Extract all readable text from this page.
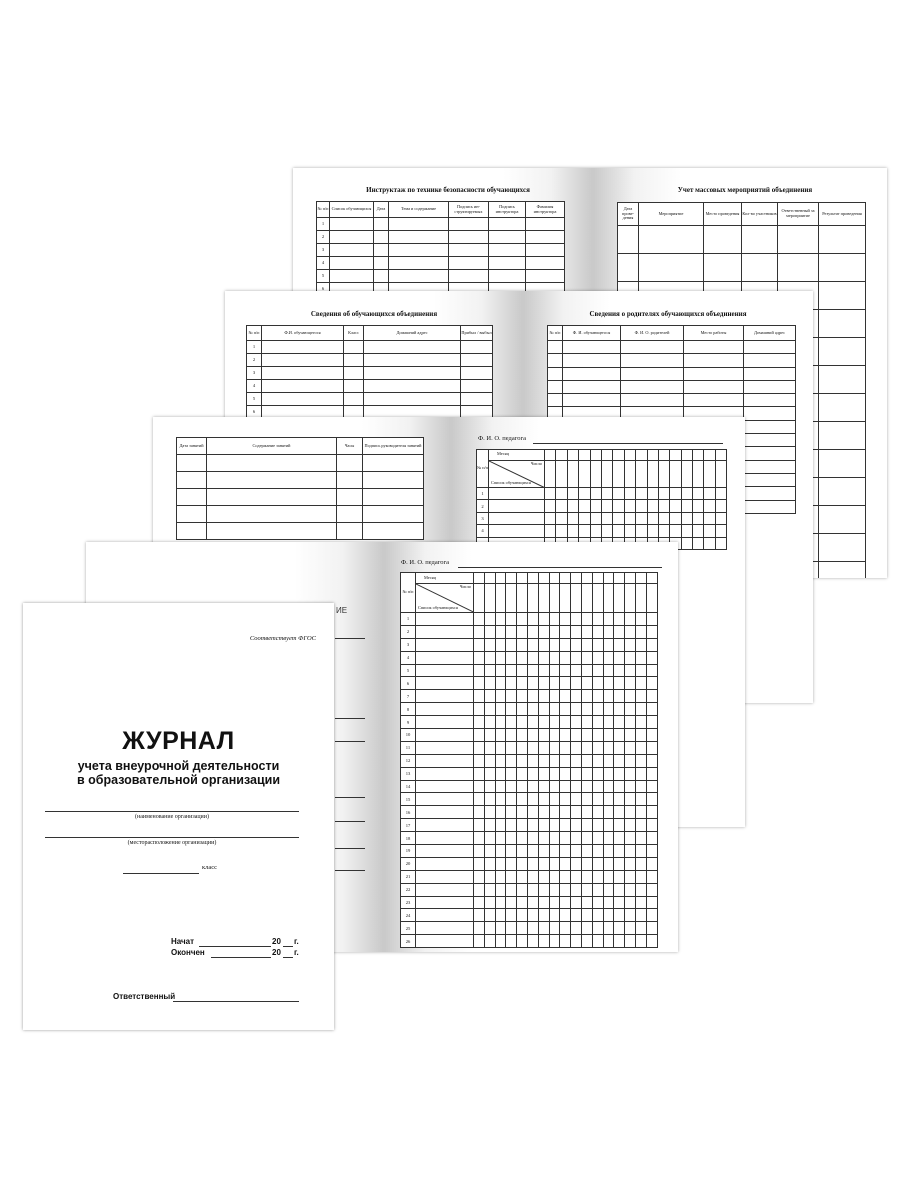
Инструктаж по технике безопасности обучающихся
№ п/п	Список обучающихся	Дата	Тема и содержание	Подпись ин-структируемых	Подпись инструктора	Фамилия инструктора
1						
2						
3						
4						
5						
6						
Учет массовых мероприятий объединения
Дата прове-дения	Мероприятие	Место проведения	Кол-во участников	Ответственный за мероприятие	Результат проведения

Сведения об обучающихся объединения
№ п/п	Ф.И. обучающегося	Класс	Домашний адрес	Прибыл / выбыл
1				
2				
3				
4				
5				
6				
Сведения о родителях обучающихся объединения
№ п/п	Ф. И. обучающегося	Ф. И. О. родителей	Место работы	Домашний адрес

Дата занятий	Содержание занятий	Часы	Подпись руководителя занятий

Ф. И. О. педагога
№ п/п	Месяц																

	Число
Список обучающихся																

1																	
2																	
3																	
4																	

ИЕ
Ф. И. О. педагога
№ п/п	Месяц																	

	Число
Список обучающихся																	

1																		
2																		
3																		
4																		
5																		
6																		
7																		
8																		
9																		
10																		
11																		
12																		
13																		
14																		
15																		
16																		
17																		
18																		
19																		
20																		
21																		
22																		
23																		
24																		
25																		
26																		
Соответствует ФГОС
ЖУРНАЛ
учета внеурочной деятельности
в образовательной организации
(наименование организации)
(месторасположение организации)
класс
Начат	20 г.
Окончен	20 г.
Ответственный
